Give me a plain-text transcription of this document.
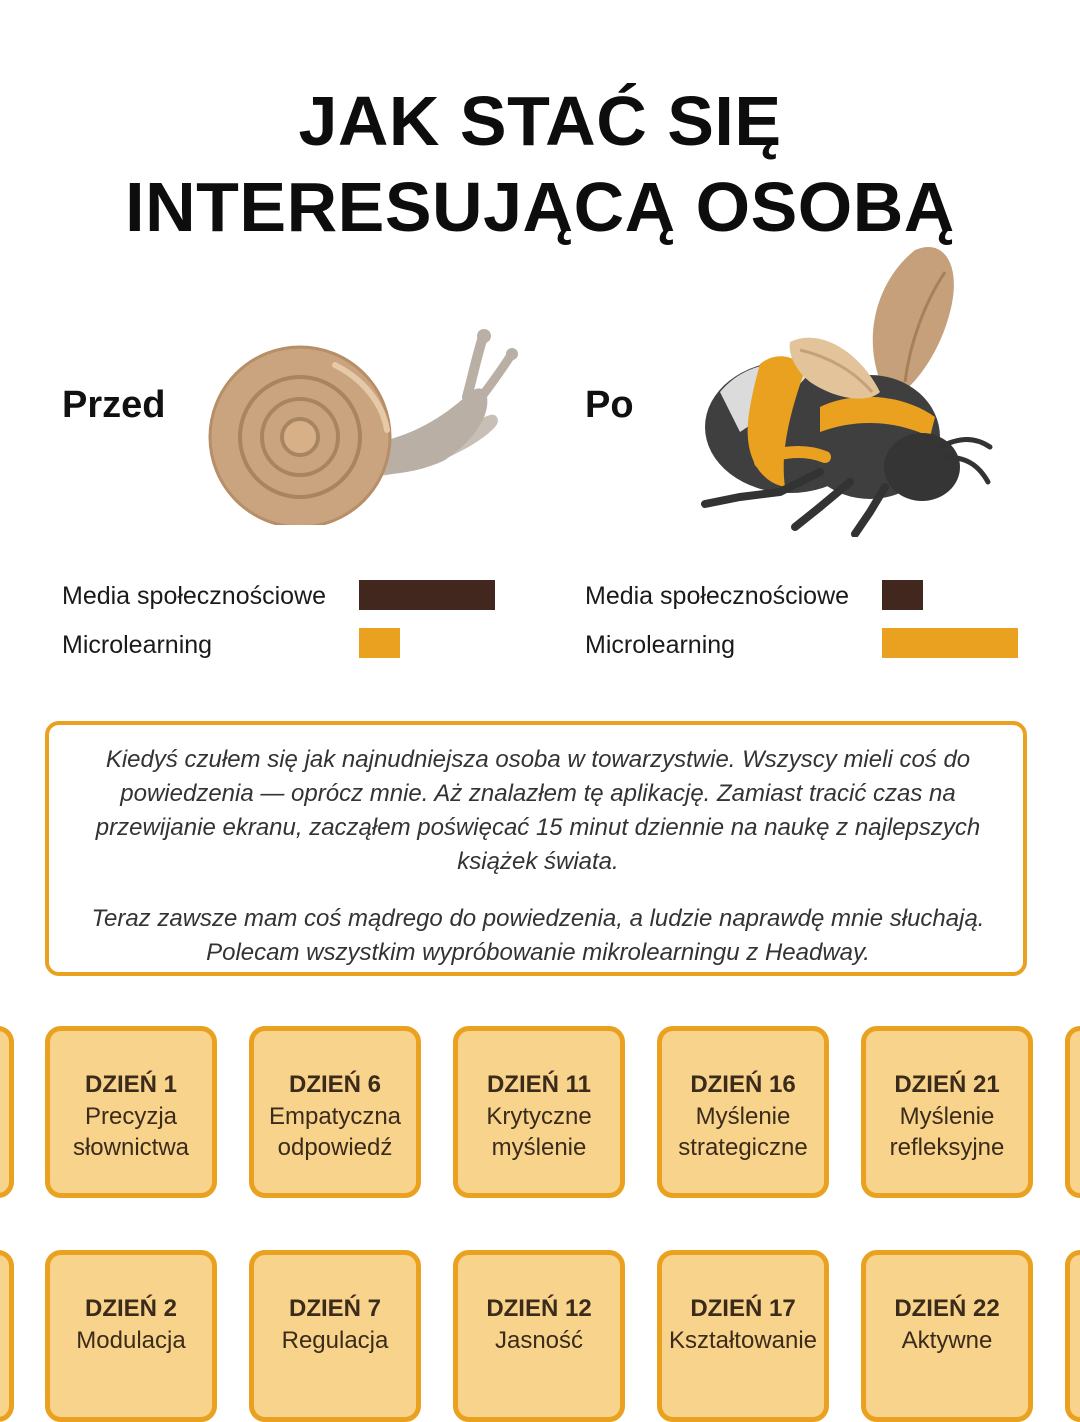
JAK STAĆ SIĘ
INTERESUJĄCĄ OSOBĄ
Przed
Media społecznościowe
Microlearning
Po
Media społecznościowe
Microlearning

Kiedyś czułem się jak najnudniejsza osoba w towarzystwie. Wszyscy mieli coś do powiedzenia — oprócz mnie. Aż znalazłem tę aplikację. Zamiast tracić czas na przewijanie ekranu, zacząłem poświęcać 15 minut dziennie na naukę z najlepszych książek świata.

Teraz zawsze mam coś mądrego do powiedzenia, a ludzie naprawdę mnie słuchają. Polecam wszystkim wypróbowanie mikrolearningu z Headway.

DZIEŃ 1
Precyzja słownictwa
DZIEŃ 6
Empatyczna odpowiedź
DZIEŃ 11
Krytyczne myślenie
DZIEŃ 16
Myślenie strategiczne
DZIEŃ 21
Myślenie refleksyjne
DZIEŃ 2
Modulacja
DZIEŃ 7
Regulacja
DZIEŃ 12
Jasność
DZIEŃ 17
Kształtowanie
DZIEŃ 22
Aktywne
